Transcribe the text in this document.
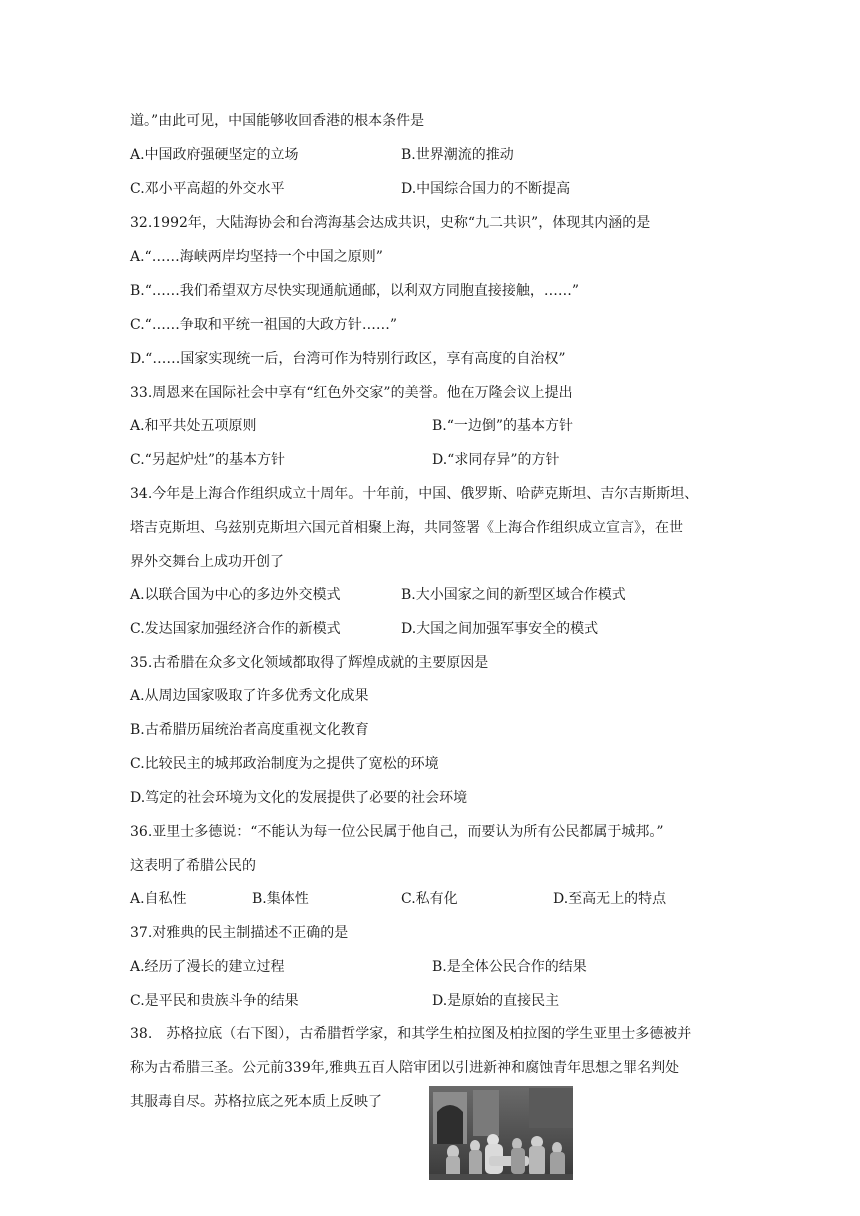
道。”由此可见，中国能够收回香港的根本条件是
A.中国政府强硬坚定的立场	B.世界潮流的推动
C.邓小平高超的外交水平	D.中国综合国力的不断提高
32.1992年，大陆海协会和台湾海基会达成共识，史称“九二共识”，体现其内涵的是
A.“……海峡两岸均坚持一个中国之原则”
B.“……我们希望双方尽快实现通航通邮，以利双方同胞直接接触，……”
C.“……争取和平统一祖国的大政方针……”
D.“……国家实现统一后，台湾可作为特别行政区，享有高度的自治权”
33.周恩来在国际社会中享有“红色外交家”的美誉。他在万隆会议上提出
A.和平共处五项原则	B.“一边倒”的基本方针
C.“另起炉灶”的基本方针	D.“求同存异”的方针
34.今年是上海合作组织成立十周年。十年前，中国、俄罗斯、哈萨克斯坦、吉尔吉斯斯坦、
塔吉克斯坦、乌兹别克斯坦六国元首相聚上海，共同签署《上海合作组织成立宣言》，在世
界外交舞台上成功开创了
A.以联合国为中心的多边外交模式	B.大小国家之间的新型区域合作模式
C.发达国家加强经济合作的新模式	D.大国之间加强军事安全的模式
35.古希腊在众多文化领域都取得了辉煌成就的主要原因是
A.从周边国家吸取了许多优秀文化成果
B.古希腊历届统治者高度重视文化教育
C.比较民主的城邦政治制度为之提供了宽松的环境
D.笃定的社会环境为文化的发展提供了必要的社会环境
36.亚里士多德说：“不能认为每一位公民属于他自己，而要认为所有公民都属于城邦。”
这表明了希腊公民的
A.自私性	B.集体性	C.私有化	D.至高无上的特点
37.对雅典的民主制描述不正确的是
A.经历了漫长的建立过程	B.是全体公民合作的结果
C.是平民和贵族斗争的结果	D.是原始的直接民主
38.　苏格拉底（右下图），古希腊哲学家，和其学生柏拉图及柏拉图的学生亚里士多德被并
称为古希腊三圣。公元前339年,雅典五百人陪审团以引进新神和腐蚀青年思想之罪名判处
其服毒自尽。苏格拉底之死本质上反映了
